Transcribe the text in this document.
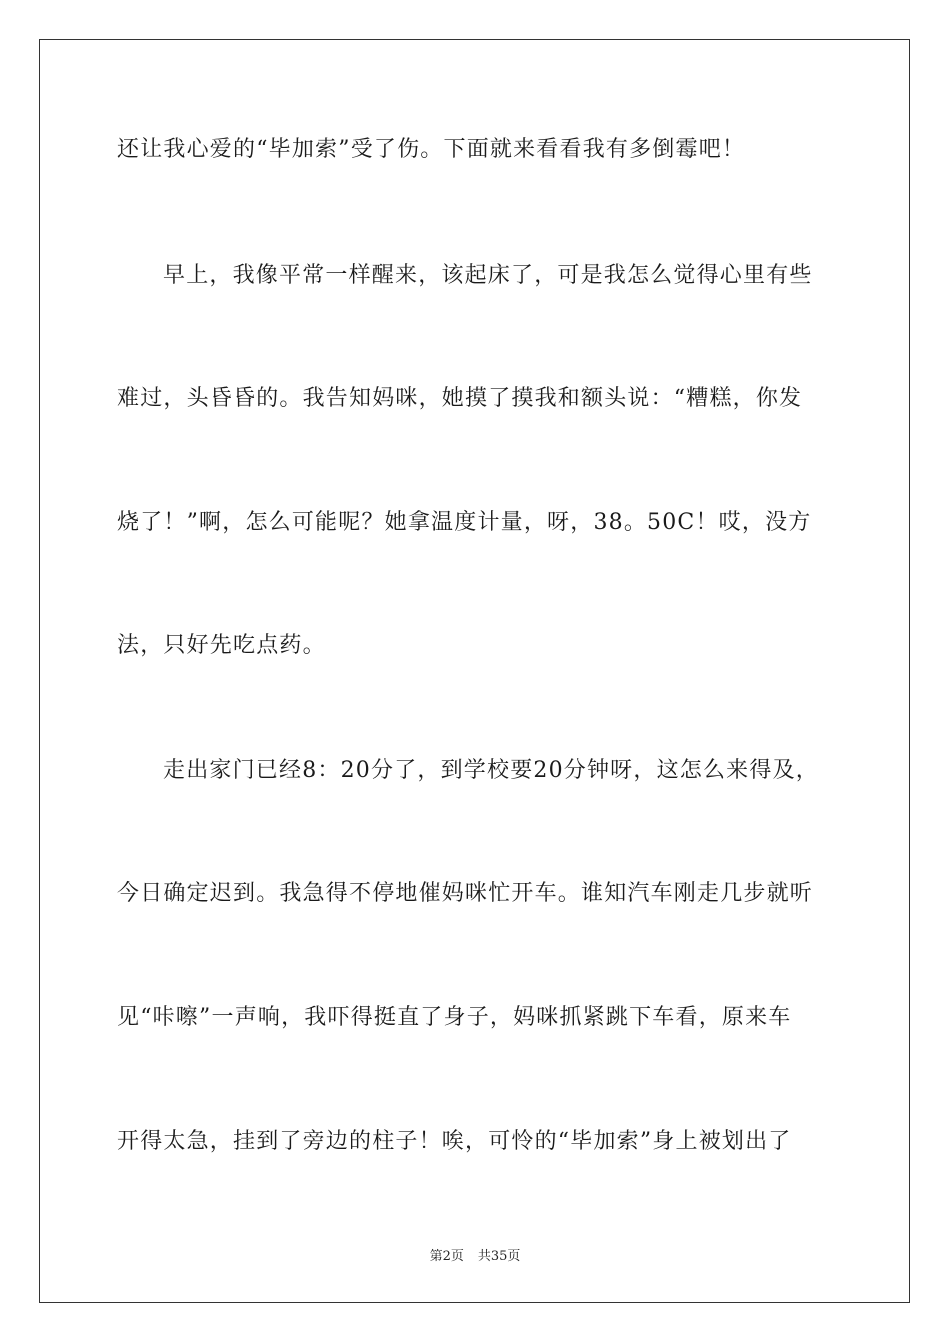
还让我心爱的“毕加索”受了伤。下面就来看看我有多倒霉吧！
早上，我像平常一样醒来，该起床了，可是我怎么觉得心里有些
难过，头昏昏的。我告知妈咪，她摸了摸我和额头说：“糟糕，你发
烧了！”啊，怎么可能呢？她拿温度计量，呀，38。50C！哎，没方
法，只好先吃点药。
走出家门已经8：20分了，到学校要20分钟呀，这怎么来得及，
今日确定迟到。我急得不停地催妈咪忙开车。谁知汽车刚走几步就听
见“咔嚓”一声响，我吓得挺直了身子，妈咪抓紧跳下车看，原来车
开得太急，挂到了旁边的柱子！唉，可怜的“毕加索”身上被划出了
第2页 共35页
